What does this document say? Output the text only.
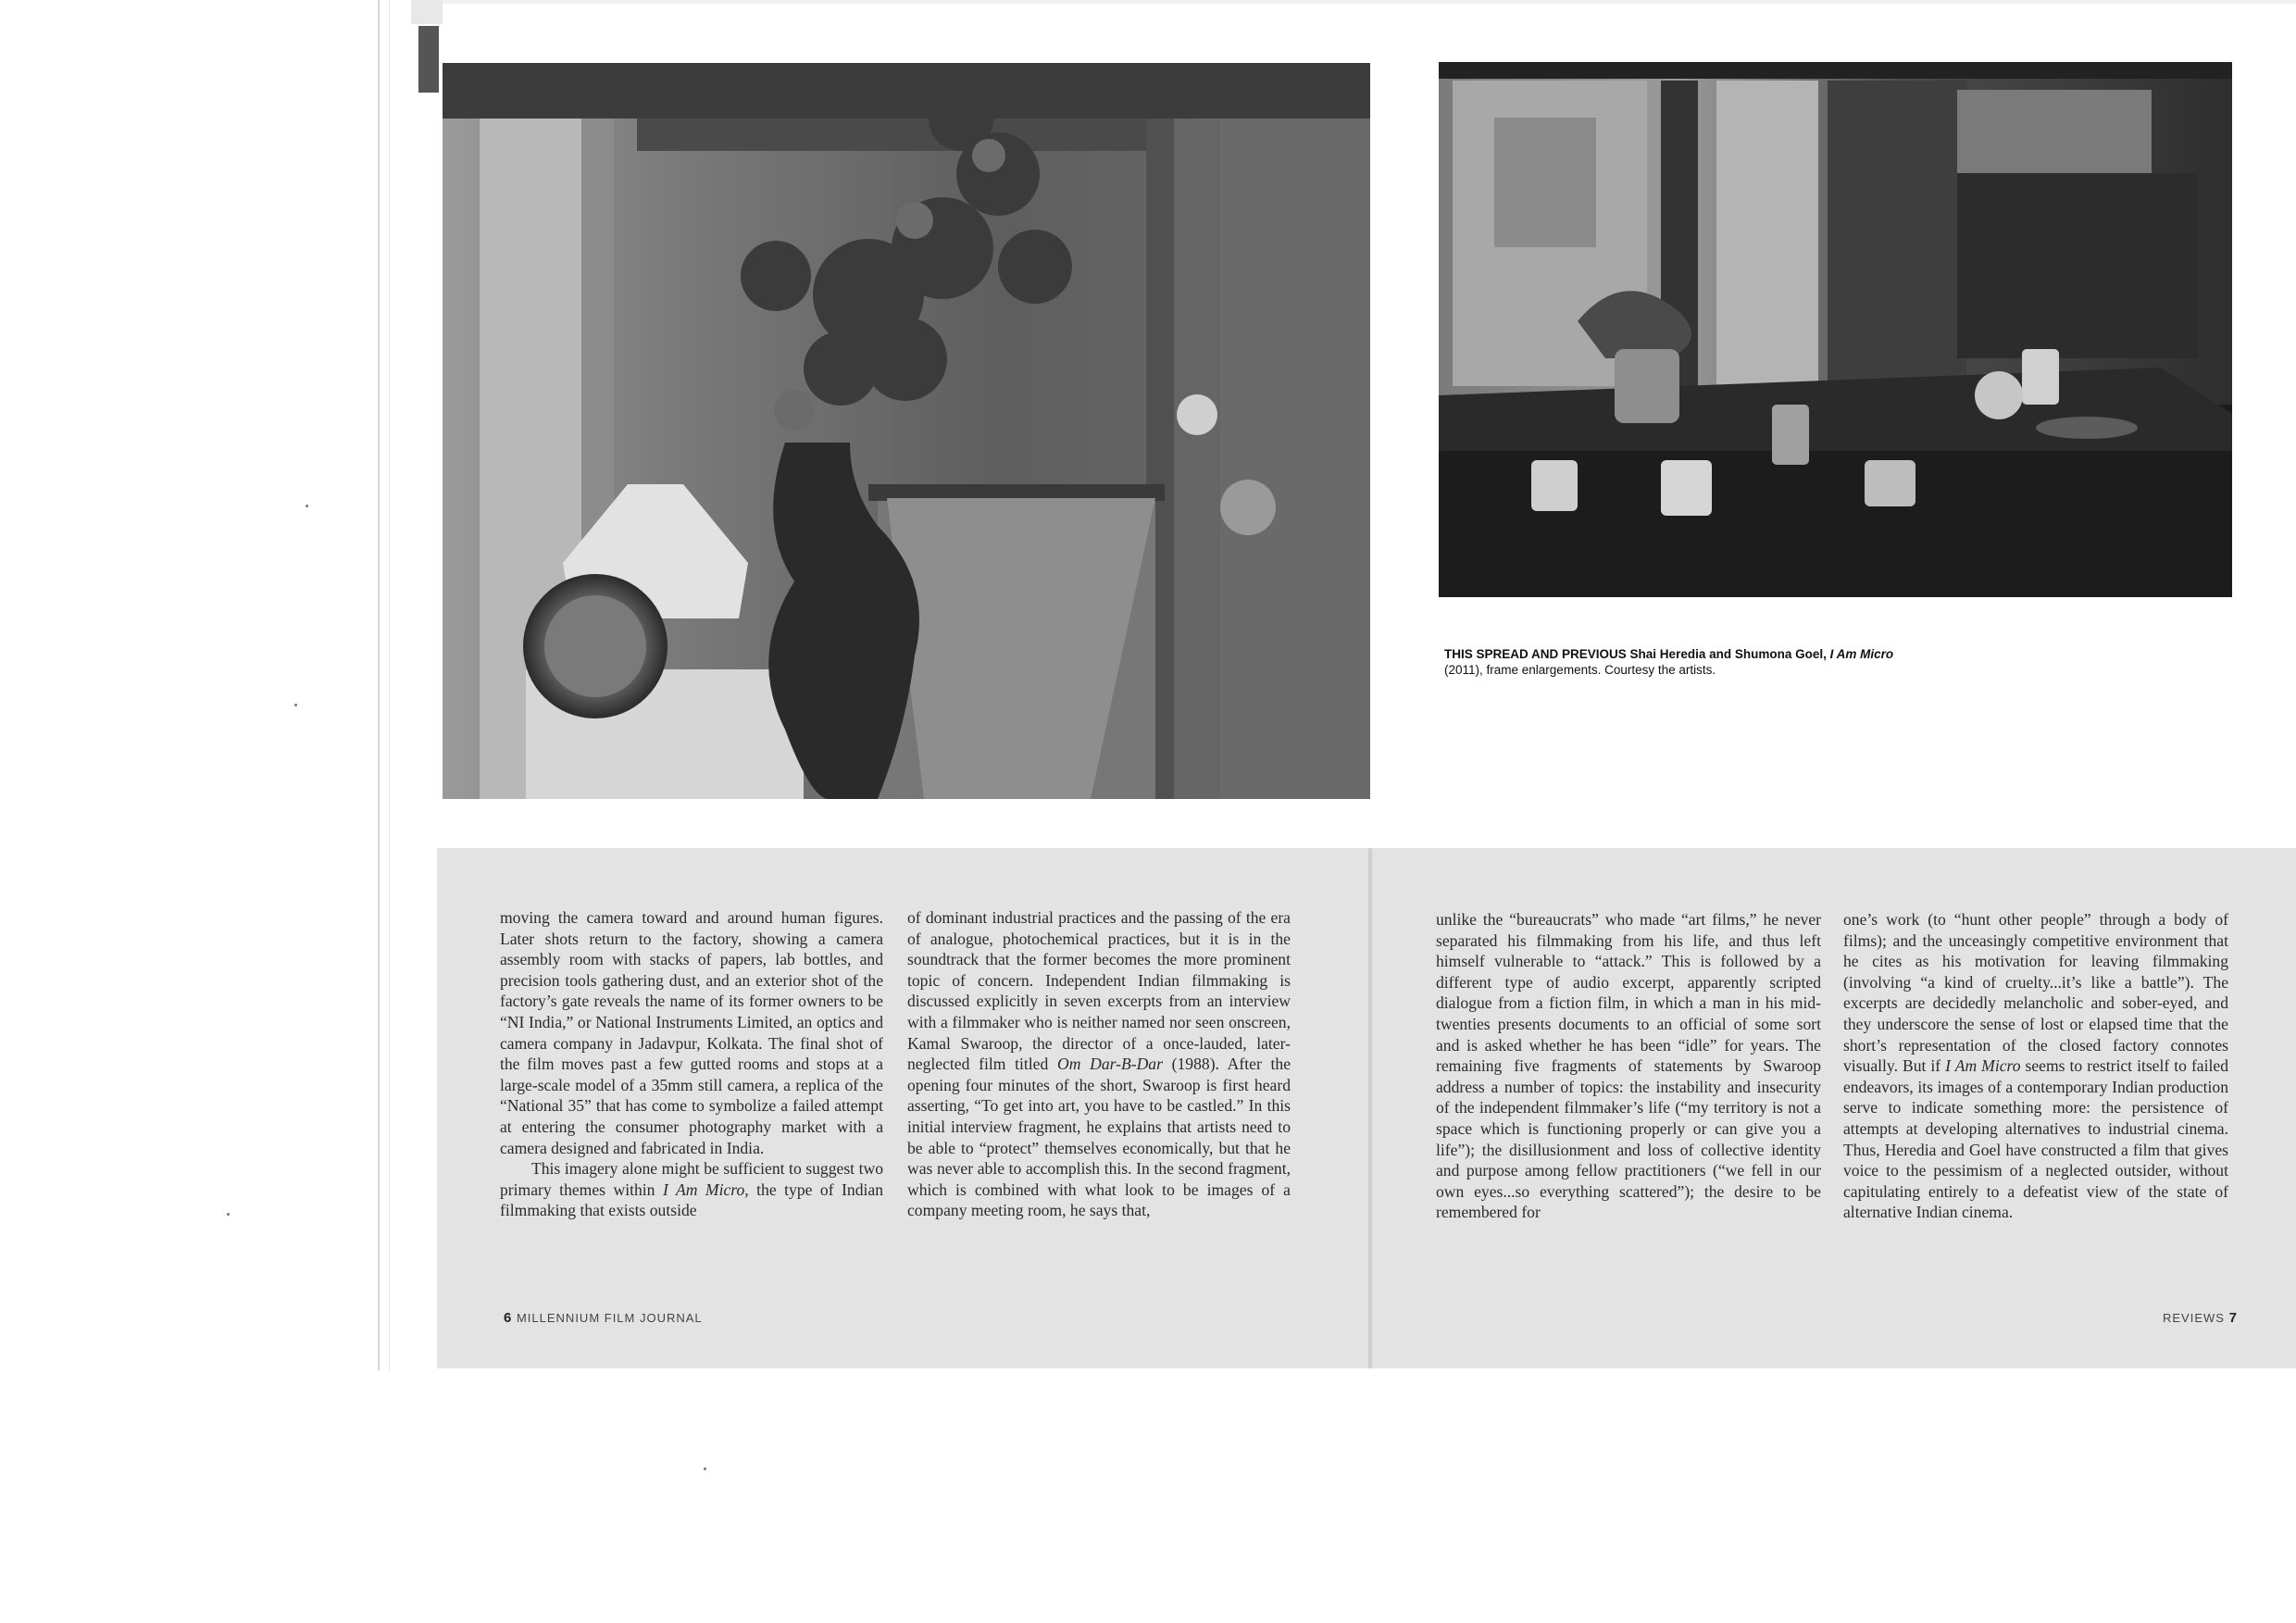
THIS SPREAD AND PREVIOUS Shai Heredia and Shumona Goel, I Am Micro
(2011), frame enlargements. Courtesy the artists.

moving the camera toward and around human figures. Later shots return to the factory, showing a camera assembly room with stacks of papers, lab bottles, and precision tools gathering dust, and an exterior shot of the factory’s gate reveals the name of its former owners to be “NI India,” or National Instruments Limited, an optics and camera company in Jadavpur, Kolkata. The final shot of the film moves past a few gutted rooms and stops at a large-scale model of a 35mm still camera, a replica of the “National 35” that has come to symbolize a failed attempt at entering the consumer photography market with a camera designed and fabricated in India.

This imagery alone might be sufficient to suggest two primary themes within I Am Micro, the type of Indian filmmaking that exists outside

of dominant industrial practices and the passing of the era of analogue, photochemical practices, but it is in the soundtrack that the former becomes the more prominent topic of concern. Independent Indian filmmaking is discussed explicitly in seven excerpts from an interview with a filmmaker who is neither named nor seen onscreen, Kamal Swaroop, the director of a once-lauded, later-neglected film titled Om Dar-B-Dar (1988). After the opening four minutes of the short, Swaroop is first heard asserting, “To get into art, you have to be castled.” In this initial interview fragment, he explains that artists need to be able to “protect” themselves economically, but that he was never able to accomplish this. In the second fragment, which is combined with what look to be images of a company meeting room, he says that,

unlike the “bureaucrats” who made “art films,” he never separated his filmmaking from his life, and thus left himself vulnerable to “attack.” This is followed by a different type of audio excerpt, apparently scripted dialogue from a fiction film, in which a man in his mid-twenties presents documents to an official of some sort and is asked whether he has been “idle” for years. The remaining five fragments of statements by Swaroop address a number of topics: the instability and insecurity of the independent filmmaker’s life (“my territory is not a space which is functioning properly or can give you a life”); the disillusionment and loss of collective identity and purpose among fellow practitioners (“we fell in our own eyes...so everything scattered”); the desire to be remembered for

one’s work (to “hunt other people” through a body of films); and the unceasingly competitive environment that he cites as his motivation for leaving filmmaking (involving “a kind of cruelty...it’s like a battle”). The excerpts are decidedly melancholic and sober-eyed, and they underscore the sense of lost or elapsed time that the short’s representation of the closed factory connotes visually. But if I Am Micro seems to restrict itself to failed endeavors, its images of a contemporary Indian production serve to indicate something more: the persistence of attempts at developing alternatives to industrial cinema. Thus, Heredia and Goel have constructed a film that gives voice to the pessimism of a neglected outsider, without capitulating entirely to a defeatist view of the state of alternative Indian cinema.

6 MILLENNIUM FILM JOURNAL	REVIEWS 7
